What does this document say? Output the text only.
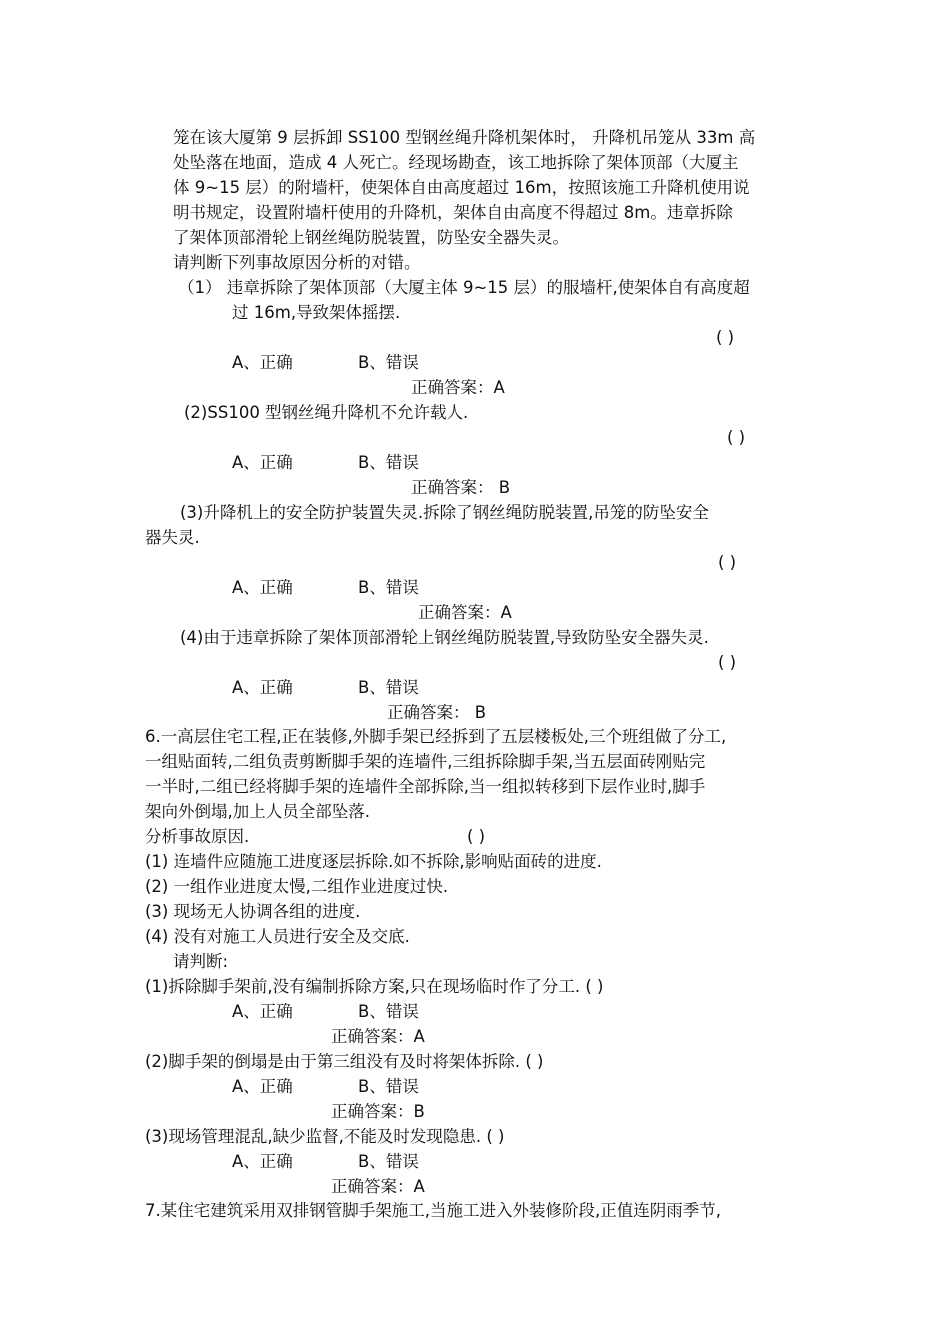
笼在该大厦第 9 层拆卸 SS100 型钢丝绳升降机架体时， 升降机吊笼从 33m 高
处坠落在地面，造成 4 人死亡。经现场勘查，该工地拆除了架体顶部（大厦主
体 9~15 层）的附墙杆，使架体自由高度超过 16m，按照该施工升降机使用说
明书规定，设置附墙杆使用的升降机，架体自由高度不得超过 8m。违章拆除
了架体顶部滑轮上钢丝绳防脱装置，防坠安全器失灵。
请判断下列事故原因分析的对错。
（1） 违章拆除了架体顶部（大厦主体 9~15 层）的服墙杆,使架体自有高度超
过 16m,导致架体摇摆.
( )
A、正确	B、错误
正确答案：A
(2)SS100 型钢丝绳升降机不允许载人.
( )
A、正确	B、错误
正确答案： B
(3)升降机上的安全防护装置失灵.拆除了钢丝绳防脱装置,吊笼的防坠安全
器失灵.
( )
A、正确	B、错误
正确答案：A
(4)由于违章拆除了架体顶部滑轮上钢丝绳防脱装置,导致防坠安全器失灵.
( )
A、正确	B、错误
正确答案： B
6.一高层住宅工程,正在装修,外脚手架已经拆到了五层楼板处,三个班组做了分工,
一组贴面转,二组负责剪断脚手架的连墙件,三组拆除脚手架,当五层面砖刚贴完
一半时,二组已经将脚手架的连墙件全部拆除,当一组拟转移到下层作业时,脚手
架向外倒塌,加上人员全部坠落.
分析事故原因.	( )
(1) 连墙件应随施工进度逐层拆除.如不拆除,影响贴面砖的进度.
(2) 一组作业进度太慢,二组作业进度过快.
(3) 现场无人协调各组的进度.
(4) 没有对施工人员进行安全及交底.
请判断:
(1)拆除脚手架前,没有编制拆除方案,只在现场临时作了分工. ( )
A、正确	B、错误
正确答案：A
(2)脚手架的倒塌是由于第三组没有及时将架体拆除. ( )
A、正确	B、错误
正确答案：B
(3)现场管理混乱,缺少监督,不能及时发现隐患. ( )
A、正确	B、错误
正确答案：A
7.某住宅建筑采用双排钢管脚手架施工,当施工进入外装修阶段,正值连阴雨季节,
